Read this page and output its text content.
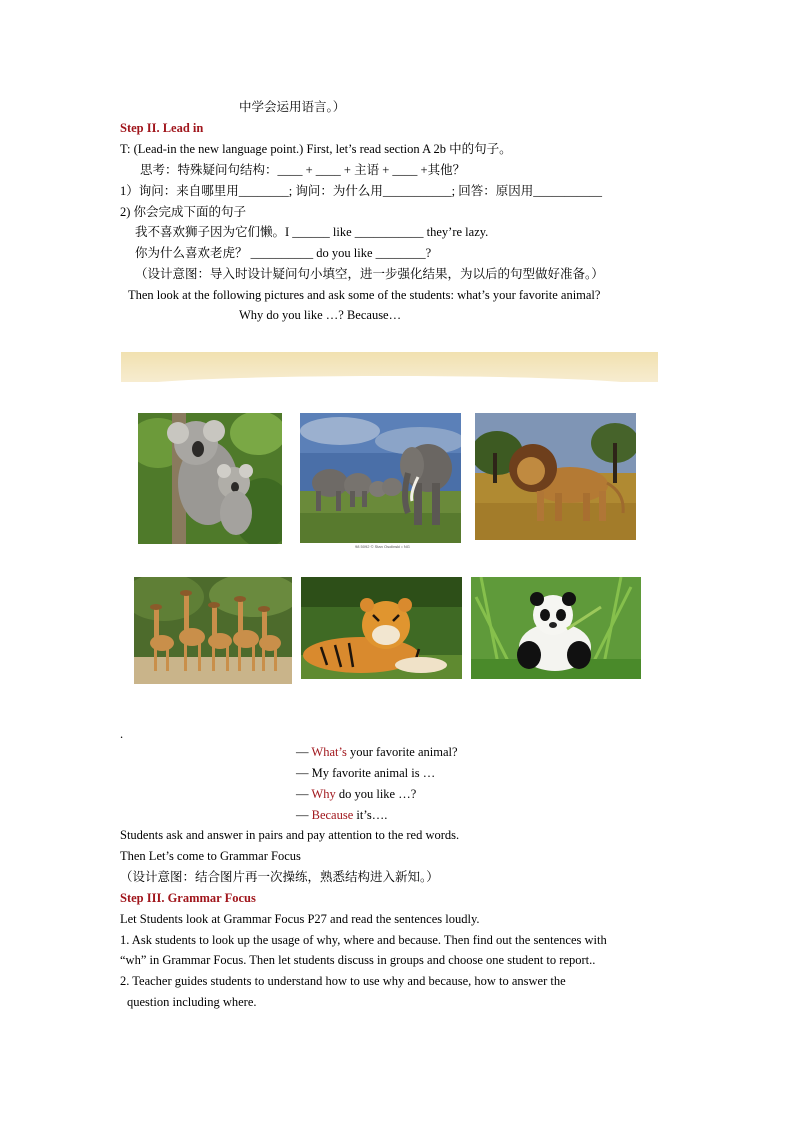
中学会运用语言。）
Step II. Lead in
T: (Lead-in the new language point.) First, let’s read section A 2b 中的句子。
思考：特殊疑问句结构：____ + ____ + 主语 + ____ +其他？
1）询问：来自哪里用________; 询问：为什么用___________; 回答：原因用___________
2) 你会完成下面的句子
我不喜欢狮子因为它们懒。I ______ like ___________ they’re lazy.
你为什么喜欢老虎？ __________ do you like ________?
（设计意图：导入时设计疑问句小填空，进一步强化结果，为以后的句型做好准备。）
Then look at the following pictures and ask some of the students: what’s your favorite animal?
Why do you like …? Because…
98 5092 © Stan Osolinski • NG
.
— What’s your favorite animal?
— My favorite animal is …
— Why do you like …?
— Because it’s….
Students ask and answer in pairs and pay attention to the red words.
Then Let’s come to Grammar Focus
（设计意图：结合图片再一次操练，熟悉结构进入新知。）
Step III. Grammar Focus
Let Students look at Grammar Focus P27 and read the sentences loudly.
1. Ask students to look up the usage of why, where and because. Then find out the sentences with
“wh” in Grammar Focus. Then let students discuss in groups and choose one student to report..
2. Teacher guides students to understand how to use why and because, how to answer the
question including where.
